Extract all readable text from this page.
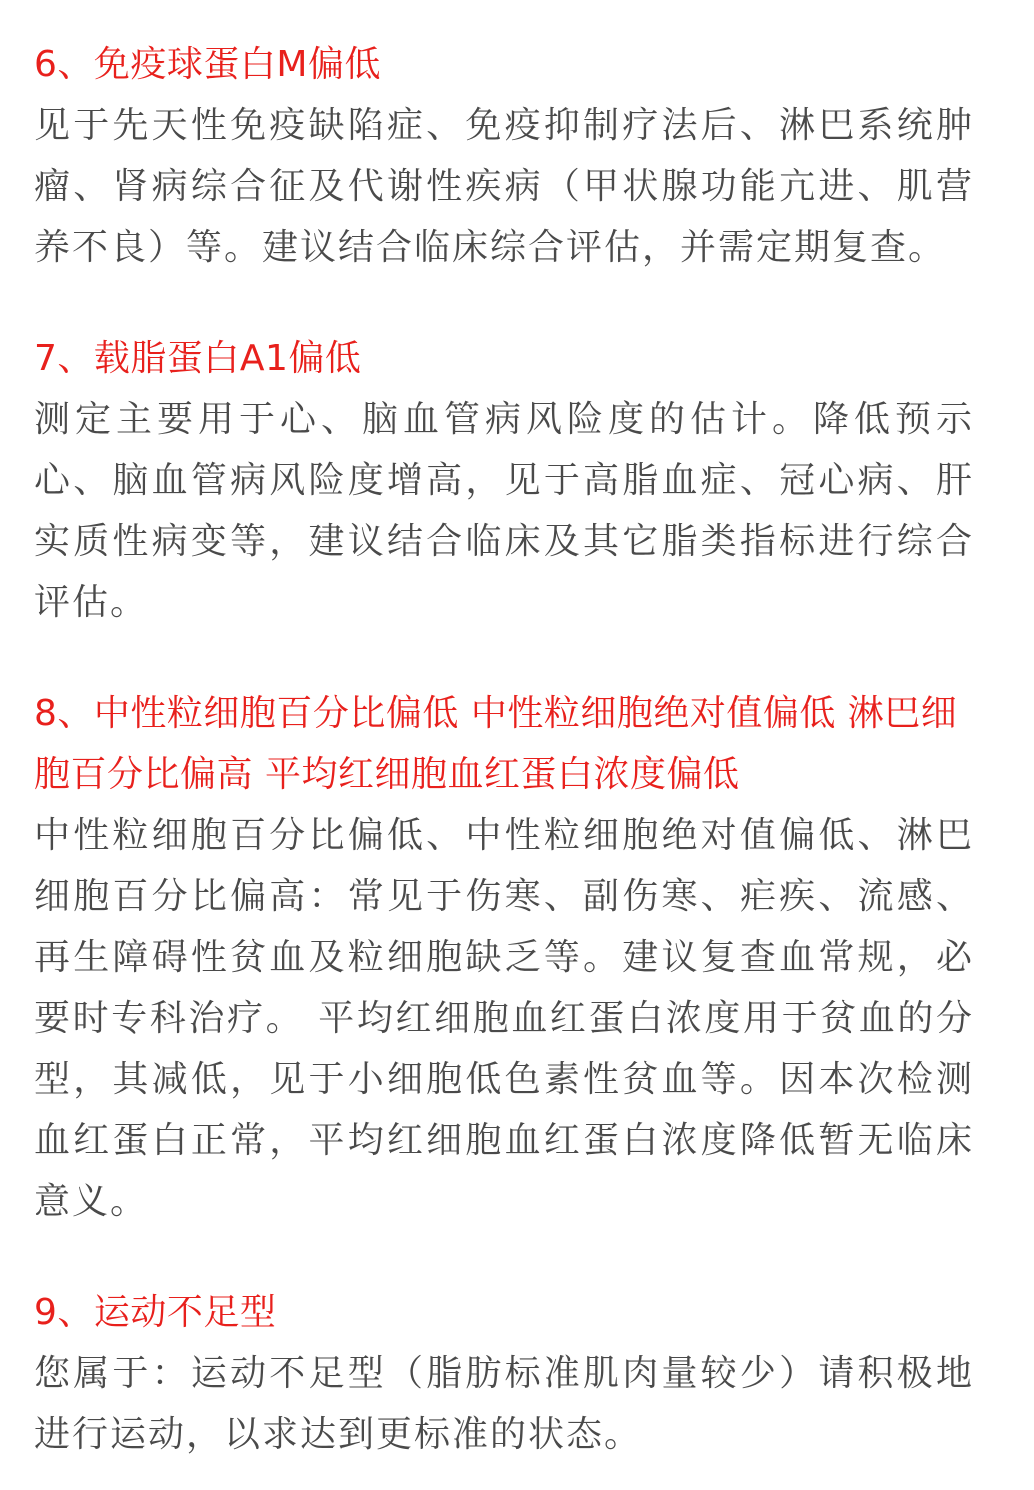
6、免疫球蛋白M偏低

见于先天性免疫缺陷症、免疫抑制疗法后、淋巴系统肿瘤、肾病综合征及代谢性疾病（甲状腺功能亢进、肌营养不良）等。建议结合临床综合评估，并需定期复查。

7、载脂蛋白A1偏低

测定主要用于心、脑血管病风险度的估计。降低预示心、脑血管病风险度增高，见于高脂血症、冠心病、肝实质性病变等，建议结合临床及其它脂类指标进行综合评估。

8、中性粒细胞百分比偏低 中性粒细胞绝对值偏低 淋巴细胞百分比偏高 平均红细胞血红蛋白浓度偏低

中性粒细胞百分比偏低、中性粒细胞绝对值偏低、淋巴细胞百分比偏高：常见于伤寒、副伤寒、疟疾、流感、再生障碍性贫血及粒细胞缺乏等。建议复查血常规，必要时专科治疗。 平均红细胞血红蛋白浓度用于贫血的分型，其减低，见于小细胞低色素性贫血等。因本次检测血红蛋白正常，平均红细胞血红蛋白浓度降低暂无临床意义。

9、运动不足型

您属于：运动不足型（脂肪标准肌肉量较少）请积极地进行运动，以求达到更标准的状态。
